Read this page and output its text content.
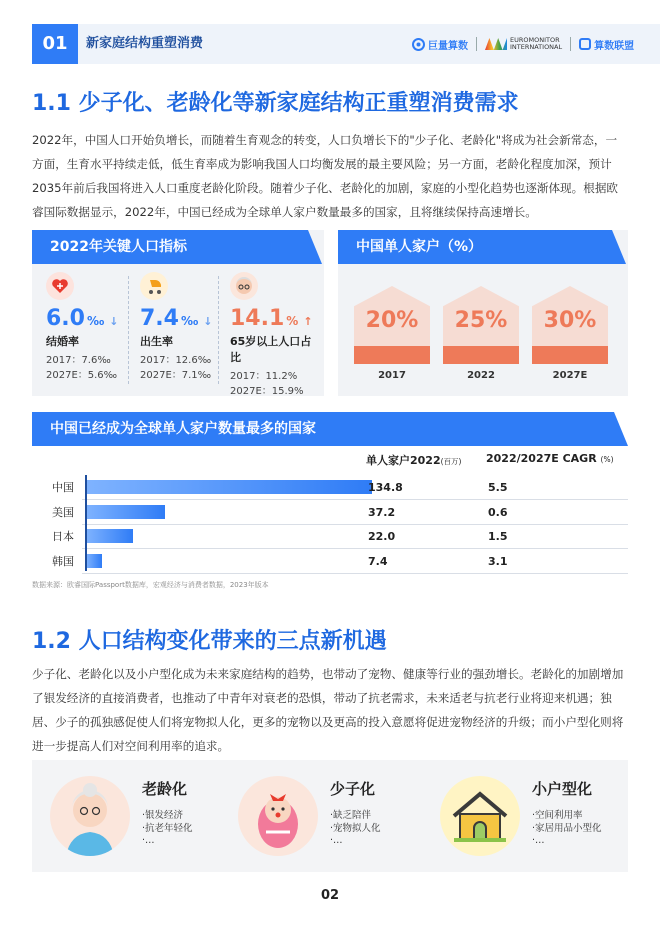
01	新家庭结构重塑消费	巨量算数
EUROMONITOR
INTERNATIONAL	算数联盟
1.1 少子化、老龄化等新家庭结构正重塑消费需求
2022年，中国人口开始负增长，而随着生育观念的转变，人口负增长下的"少子化、老龄化"将成为社会新常态，一方面，生育水平持续走低，低生育率成为影响我国人口均衡发展的最主要风险；另一方面，老龄化程度加深，预计2035年前后我国将进入人口重度老龄化阶段。随着少子化、老龄化的加剧，家庭的小型化趋势也逐渐体现。根据欧睿国际数据显示，2022年，中国已经成为全球单人家户数量最多的国家，且将继续保持高速增长。
2022年关键人口指标
6.0 ‰ ↓
结婚率
2017：7.6‰
2027E：5.6‰
7.4 ‰ ↓
出生率
2017：12.6‰
2027E：7.1‰
14.1 % ↑
65岁以上人口占比
2017：11.2%
2027E：15.9%
中国单人家户（%）
20%
2017
25%
2022
30%
2027E
中国已经成为全球单人家户数量最多的国家
单人家户2022(百万) 2022/2027E CAGR (%)
中国	134.8	5.5
美国	37.2	0.6
日本	22.0	1.5
韩国	7.4	3.1
数据来源：欧睿国际Passport数据库，宏观经济与消费者数据，2023年版本
1.2 人口结构变化带来的三点新机遇
少子化、老龄化以及小户型化成为未来家庭结构的趋势，也带动了宠物、健康等行业的强劲增长。老龄化的加剧增加了银发经济的直接消费者，也推动了中青年对衰老的恐惧，带动了抗老需求，未来适老与抗老行业将迎来机遇；独居、少子的孤独感促使人们将宠物拟人化，更多的宠物以及更高的投入意愿将促进宠物经济的升级；而小户型化则将进一步提高人们对空间利用率的追求。
老龄化
· 银发经济
· 抗老年轻化
· …
少子化
· 缺乏陪伴
· 宠物拟人化
· …
小户型化
· 空间利用率
· 家居用品小型化
· …
02
